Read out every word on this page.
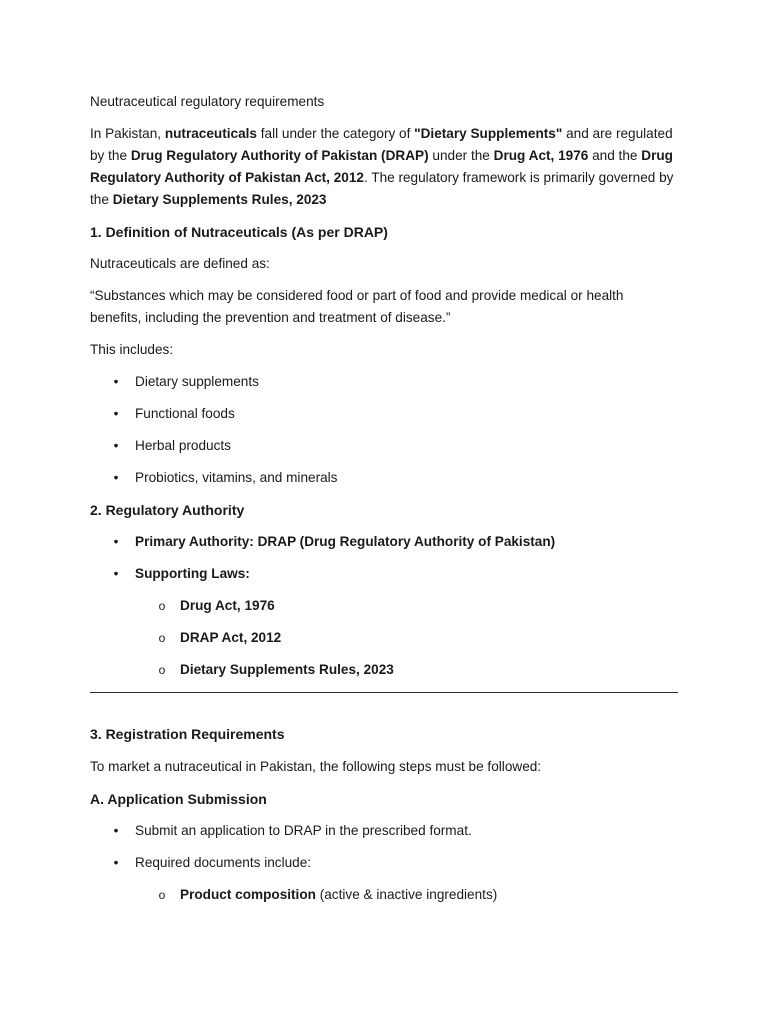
Neutraceutical regulatory requirements
In Pakistan, nutraceuticals fall under the category of "Dietary Supplements" and are regulated
by the Drug Regulatory Authority of Pakistan (DRAP) under the Drug Act, 1976 and the Drug
Regulatory Authority of Pakistan Act, 2012. The regulatory framework is primarily governed by
the Dietary Supplements Rules, 2023
1. Definition of Nutraceuticals (As per DRAP)
Nutraceuticals are defined as:
“Substances which may be considered food or part of food and provide medical or health
benefits, including the prevention and treatment of disease.”
This includes:
• Dietary supplements
• Functional foods
• Herbal products
• Probiotics, vitamins, and minerals
2. Regulatory Authority
• Primary Authority: DRAP (Drug Regulatory Authority of Pakistan)
• Supporting Laws:
o Drug Act, 1976
o DRAP Act, 2012
o Dietary Supplements Rules, 2023
3. Registration Requirements
To market a nutraceutical in Pakistan, the following steps must be followed:
A. Application Submission
• Submit an application to DRAP in the prescribed format.
• Required documents include:
o Product composition (active & inactive ingredients)
